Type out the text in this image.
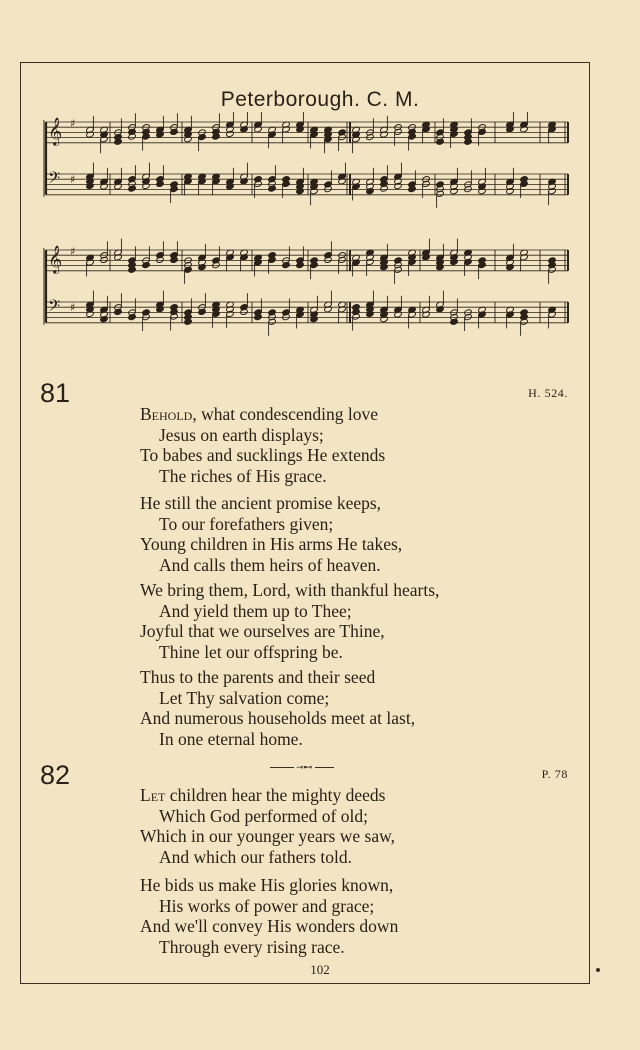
Peterborough. C. M.
𝄞 ♯
𝄢 ♯
𝄞 ♯
𝄢 ♯
81	H. 524.
Behold, what condescending love
Jesus on earth displays;
To babes and sucklings He extends
The riches of His grace.
He still the ancient promise keeps,
To our forefathers given;
Young children in His arms He takes,
And calls them heirs of heaven.
We bring them, Lord, with thankful hearts,
And yield them up to Thee;
Joyful that we ourselves are Thine,
Thine let our offspring be.
Thus to the parents and their seed
Let Thy salvation come;
And numerous households meet at last,
In one eternal home.
⊸⊷
82	P. 78
Let children hear the mighty deeds
Which God performed of old;
Which in our younger years we saw,
And which our fathers told.
He bids us make His glories known,
His works of power and grace;
And we'll convey His wonders down
Through every rising race.
102
